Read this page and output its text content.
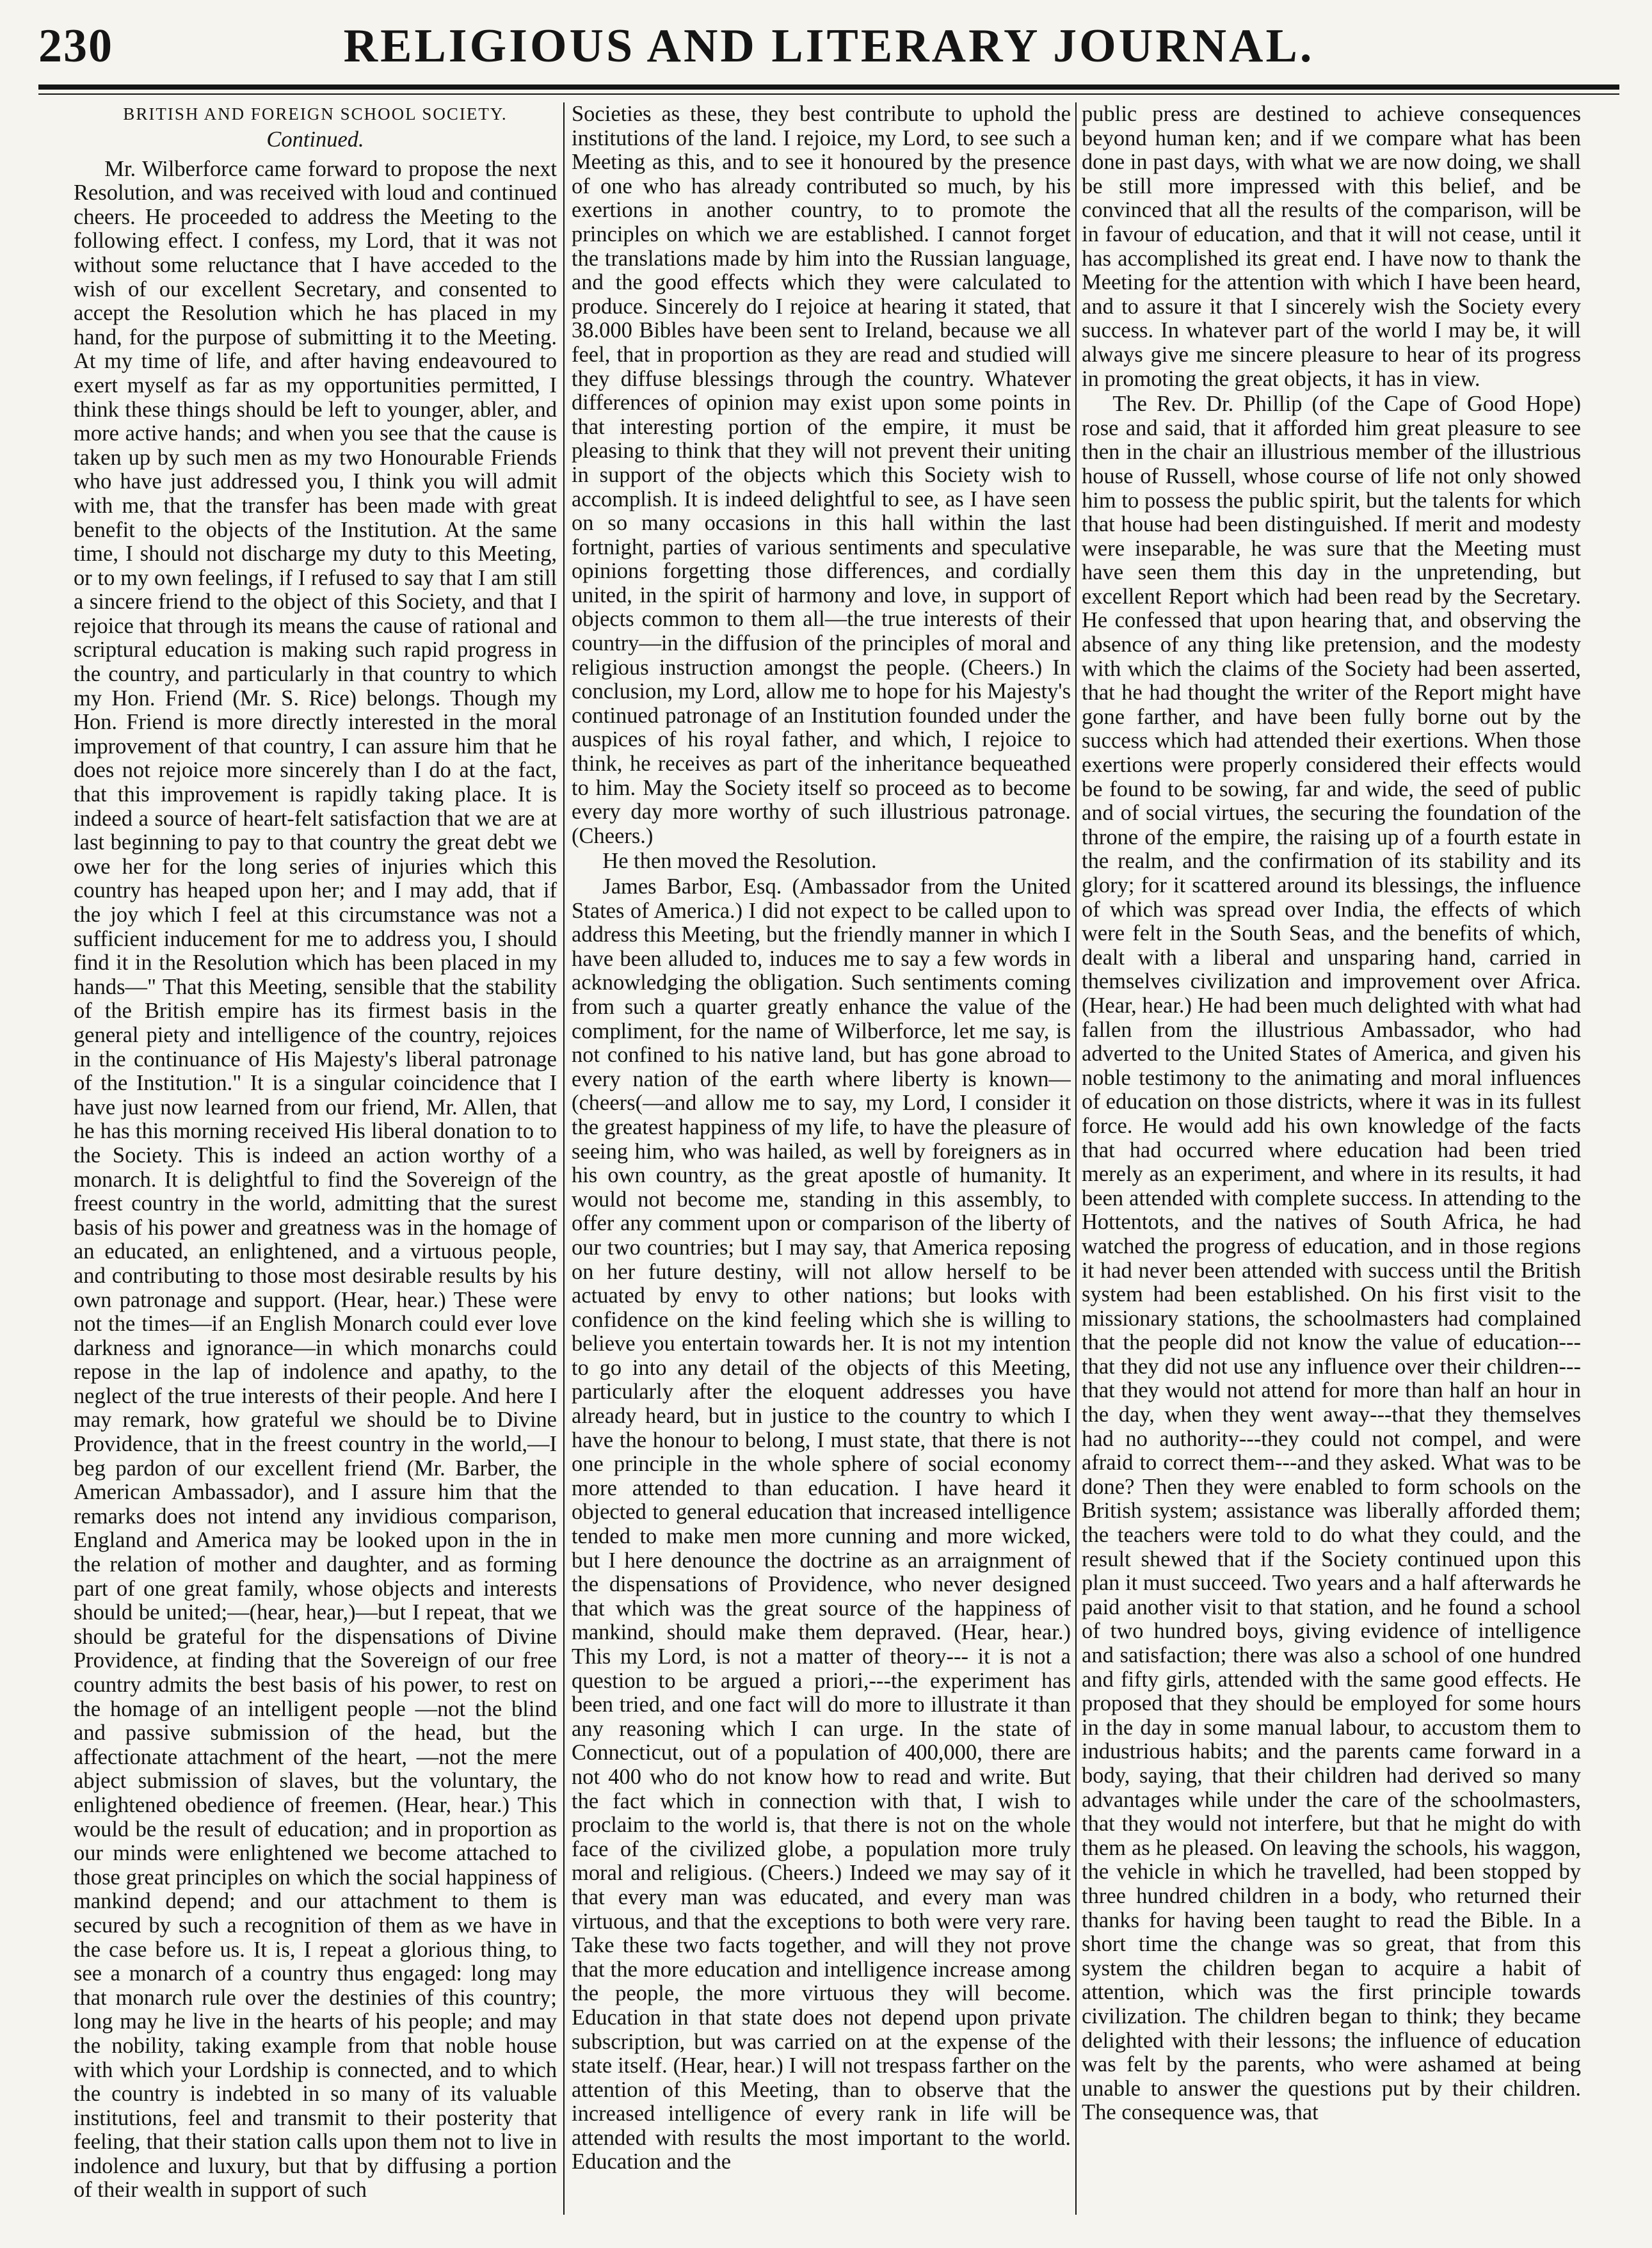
230	RELIGIOUS AND LITERARY JOURNAL.
BRITISH AND FOREIGN SCHOOL SOCIETY.
Continued.

Mr. Wilberforce came forward to propose the next Resolution, and was received with loud and continued cheers. He proceeded to address the Meeting to the following effect. I confess, my Lord, that it was not without some reluctance that I have acceded to the wish of our excellent Secretary, and consented to accept the Resolution which he has placed in my hand, for the purpose of submitting it to the Meeting. At my time of life, and after having endeavoured to exert myself as far as my opportunities permitted, I think these things should be left to younger, abler, and more active hands; and when you see that the cause is taken up by such men as my two Honourable Friends who have just addressed you, I think you will admit with me, that the transfer has been made with great benefit to the objects of the Institution. At the same time, I should not discharge my duty to this Meeting, or to my own feelings, if I refused to say that I am still a sincere friend to the object of this Society, and that I rejoice that through its means the cause of rational and scriptural education is making such rapid progress in the country, and particularly in that country to which my Hon. Friend (Mr. S. Rice) belongs. Though my Hon. Friend is more directly interested in the moral improvement of that country, I can assure him that he does not rejoice more sincerely than I do at the fact, that this improvement is rapidly taking place. It is indeed a source of heart-felt satisfaction that we are at last beginning to pay to that country the great debt we owe her for the long series of injuries which this country has heaped upon her; and I may add, that if the joy which I feel at this circumstance was not a sufficient inducement for me to address you, I should find it in the Resolution which has been placed in my hands—" That this Meeting, sensible that the stability of the British empire has its firmest basis in the general piety and intelligence of the country, rejoices in the continuance of His Majesty's liberal patronage of the Institution." It is a singular coincidence that I have just now learned from our friend, Mr. Allen, that he has this morning received His liberal donation to to the Society. This is indeed an action worthy of a monarch. It is delightful to find the Sovereign of the freest country in the world, admitting that the surest basis of his power and greatness was in the homage of an educated, an enlightened, and a virtuous people, and contributing to those most desirable results by his own patronage and support. (Hear, hear.) These were not the times—if an English Monarch could ever love darkness and ignorance—in which monarchs could repose in the lap of indolence and apathy, to the neglect of the true interests of their people. And here I may remark, how grateful we should be to Divine Providence, that in the freest country in the world,—I beg pardon of our excellent friend (Mr. Barber, the American Ambassador), and I assure him that the remarks does not intend any invidious comparison, England and America may be looked upon in the in the relation of mother and daughter, and as forming part of one great family, whose objects and interests should be united;—(hear, hear,)—but I repeat, that we should be grateful for the dispensations of Divine Providence, at finding that the Sovereign of our free country admits the best basis of his power, to rest on the homage of an intelligent people —not the blind and passive submission of the head, but the affectionate attachment of the heart, —not the mere abject submission of slaves, but the voluntary, the enlightened obedience of freemen. (Hear, hear.) This would be the result of education; and in proportion as our minds were enlightened we become attached to those great principles on which the social happiness of mankind depend; and our attachment to them is secured by such a recognition of them as we have in the case before us. It is, I repeat a glorious thing, to see a monarch of a country thus engaged: long may that monarch rule over the destinies of this country; long may he live in the hearts of his people; and may the nobility, taking example from that noble house with which your Lordship is connected, and to which the country is indebted in so many of its valuable institutions, feel and transmit to their posterity that feeling, that their station calls upon them not to live in indolence and luxury, but that by diffusing a portion of their wealth in support of such

Societies as these, they best contribute to uphold the institutions of the land. I rejoice, my Lord, to see such a Meeting as this, and to see it honoured by the presence of one who has already contributed so much, by his exertions in another country, to to promote the principles on which we are established. I cannot forget the translations made by him into the Russian language, and the good effects which they were calculated to produce. Sincerely do I rejoice at hearing it stated, that 38.000 Bibles have been sent to Ireland, because we all feel, that in proportion as they are read and studied will they diffuse blessings through the country. Whatever differences of opinion may exist upon some points in that interesting portion of the empire, it must be pleasing to think that they will not prevent their uniting in support of the objects which this Society wish to accomplish. It is indeed delightful to see, as I have seen on so many occasions in this hall within the last fortnight, parties of various sentiments and speculative opinions forgetting those differences, and cordially united, in the spirit of harmony and love, in support of objects common to them all—the true interests of their country—in the diffusion of the principles of moral and religious instruction amongst the people. (Cheers.) In conclusion, my Lord, allow me to hope for his Majesty's continued patronage of an Institution founded under the auspices of his royal father, and which, I rejoice to think, he receives as part of the inheritance bequeathed to him. May the Society itself so proceed as to become every day more worthy of such illustrious patronage. (Cheers.)

He then moved the Resolution.

James Barbor, Esq. (Ambassador from the United States of America.) I did not expect to be called upon to address this Meeting, but the friendly manner in which I have been alluded to, induces me to say a few words in acknowledging the obligation. Such sentiments coming from such a quarter greatly enhance the value of the compliment, for the name of Wilberforce, let me say, is not confined to his native land, but has gone abroad to every nation of the earth where liberty is known—(cheers(—and allow me to say, my Lord, I consider it the greatest happiness of my life, to have the pleasure of seeing him, who was hailed, as well by foreigners as in his own country, as the great apostle of humanity. It would not become me, standing in this assembly, to offer any comment upon or comparison of the liberty of our two countries; but I may say, that America reposing on her future destiny, will not allow herself to be actuated by envy to other nations; but looks with confidence on the kind feeling which she is willing to believe you entertain towards her. It is not my intention to go into any detail of the objects of this Meeting, particularly after the eloquent addresses you have already heard, but in justice to the country to which I have the honour to belong, I must state, that there is not one principle in the whole sphere of social economy more attended to than education. I have heard it objected to general education that increased intelligence tended to make men more cunning and more wicked, but I here denounce the doctrine as an arraignment of the dispensations of Providence, who never designed that which was the great source of the happiness of mankind, should make them depraved. (Hear, hear.) This my Lord, is not a matter of theory--- it is not a question to be argued a priori,---the experiment has been tried, and one fact will do more to illustrate it than any reasoning which I can urge. In the state of Connecticut, out of a population of 400,000, there are not 400 who do not know how to read and write. But the fact which in connection with that, I wish to proclaim to the world is, that there is not on the whole face of the civilized globe, a population more truly moral and religious. (Cheers.) Indeed we may say of it that every man was educated, and every man was virtuous, and that the exceptions to both were very rare. Take these two facts together, and will they not prove that the more education and intelligence increase among the people, the more virtuous they will become. Education in that state does not depend upon private subscription, but was carried on at the expense of the state itself. (Hear, hear.) I will not trespass farther on the attention of this Meeting, than to observe that the increased intelligence of every rank in life will be attended with results the most important to the world. Education and the

public press are destined to achieve consequences beyond human ken; and if we compare what has been done in past days, with what we are now doing, we shall be still more impressed with this belief, and be convinced that all the results of the comparison, will be in favour of education, and that it will not cease, until it has accomplished its great end. I have now to thank the Meeting for the attention with which I have been heard, and to assure it that I sincerely wish the Society every success. In whatever part of the world I may be, it will always give me sincere pleasure to hear of its progress in promoting the great objects, it has in view.

The Rev. Dr. Phillip (of the Cape of Good Hope) rose and said, that it afforded him great pleasure to see then in the chair an illustrious member of the illustrious house of Russell, whose course of life not only showed him to possess the public spirit, but the talents for which that house had been distinguished. If merit and modesty were inseparable, he was sure that the Meeting must have seen them this day in the unpretending, but excellent Report which had been read by the Secretary. He confessed that upon hearing that, and observing the absence of any thing like pretension, and the modesty with which the claims of the Society had been asserted, that he had thought the writer of the Report might have gone farther, and have been fully borne out by the success which had attended their exertions. When those exertions were properly considered their effects would be found to be sowing, far and wide, the seed of public and of social virtues, the securing the foundation of the throne of the empire, the raising up of a fourth estate in the realm, and the confirmation of its stability and its glory; for it scattered around its blessings, the influence of which was spread over India, the effects of which were felt in the South Seas, and the benefits of which, dealt with a liberal and unsparing hand, carried in themselves civilization and improvement over Africa. (Hear, hear.) He had been much delighted with what had fallen from the illustrious Ambassador, who had adverted to the United States of America, and given his noble testimony to the animating and moral influences of education on those districts, where it was in its fullest force. He would add his own knowledge of the facts that had occurred where education had been tried merely as an experiment, and where in its results, it had been attended with complete success. In attending to the Hottentots, and the natives of South Africa, he had watched the progress of education, and in those regions it had never been attended with success until the British system had been established. On his first visit to the missionary stations, the schoolmasters had complained that the people did not know the value of education---that they did not use any influence over their children---that they would not attend for more than half an hour in the day, when they went away---that they themselves had no authority---they could not compel, and were afraid to correct them---and they asked. What was to be done? Then they were enabled to form schools on the British system; assistance was liberally afforded them; the teachers were told to do what they could, and the result shewed that if the Society continued upon this plan it must succeed. Two years and a half afterwards he paid another visit to that station, and he found a school of two hundred boys, giving evidence of intelligence and satisfaction; there was also a school of one hundred and fifty girls, attended with the same good effects. He proposed that they should be employed for some hours in the day in some manual labour, to accustom them to industrious habits; and the parents came forward in a body, saying, that their children had derived so many advantages while under the care of the schoolmasters, that they would not interfere, but that he might do with them as he pleased. On leaving the schools, his waggon, the vehicle in which he travelled, had been stopped by three hundred children in a body, who returned their thanks for having been taught to read the Bible. In a short time the change was so great, that from this system the children began to acquire a habit of attention, which was the first principle towards civilization. The children began to think; they became delighted with their lessons; the influence of education was felt by the parents, who were ashamed at being unable to answer the questions put by their children. The consequence was, that
